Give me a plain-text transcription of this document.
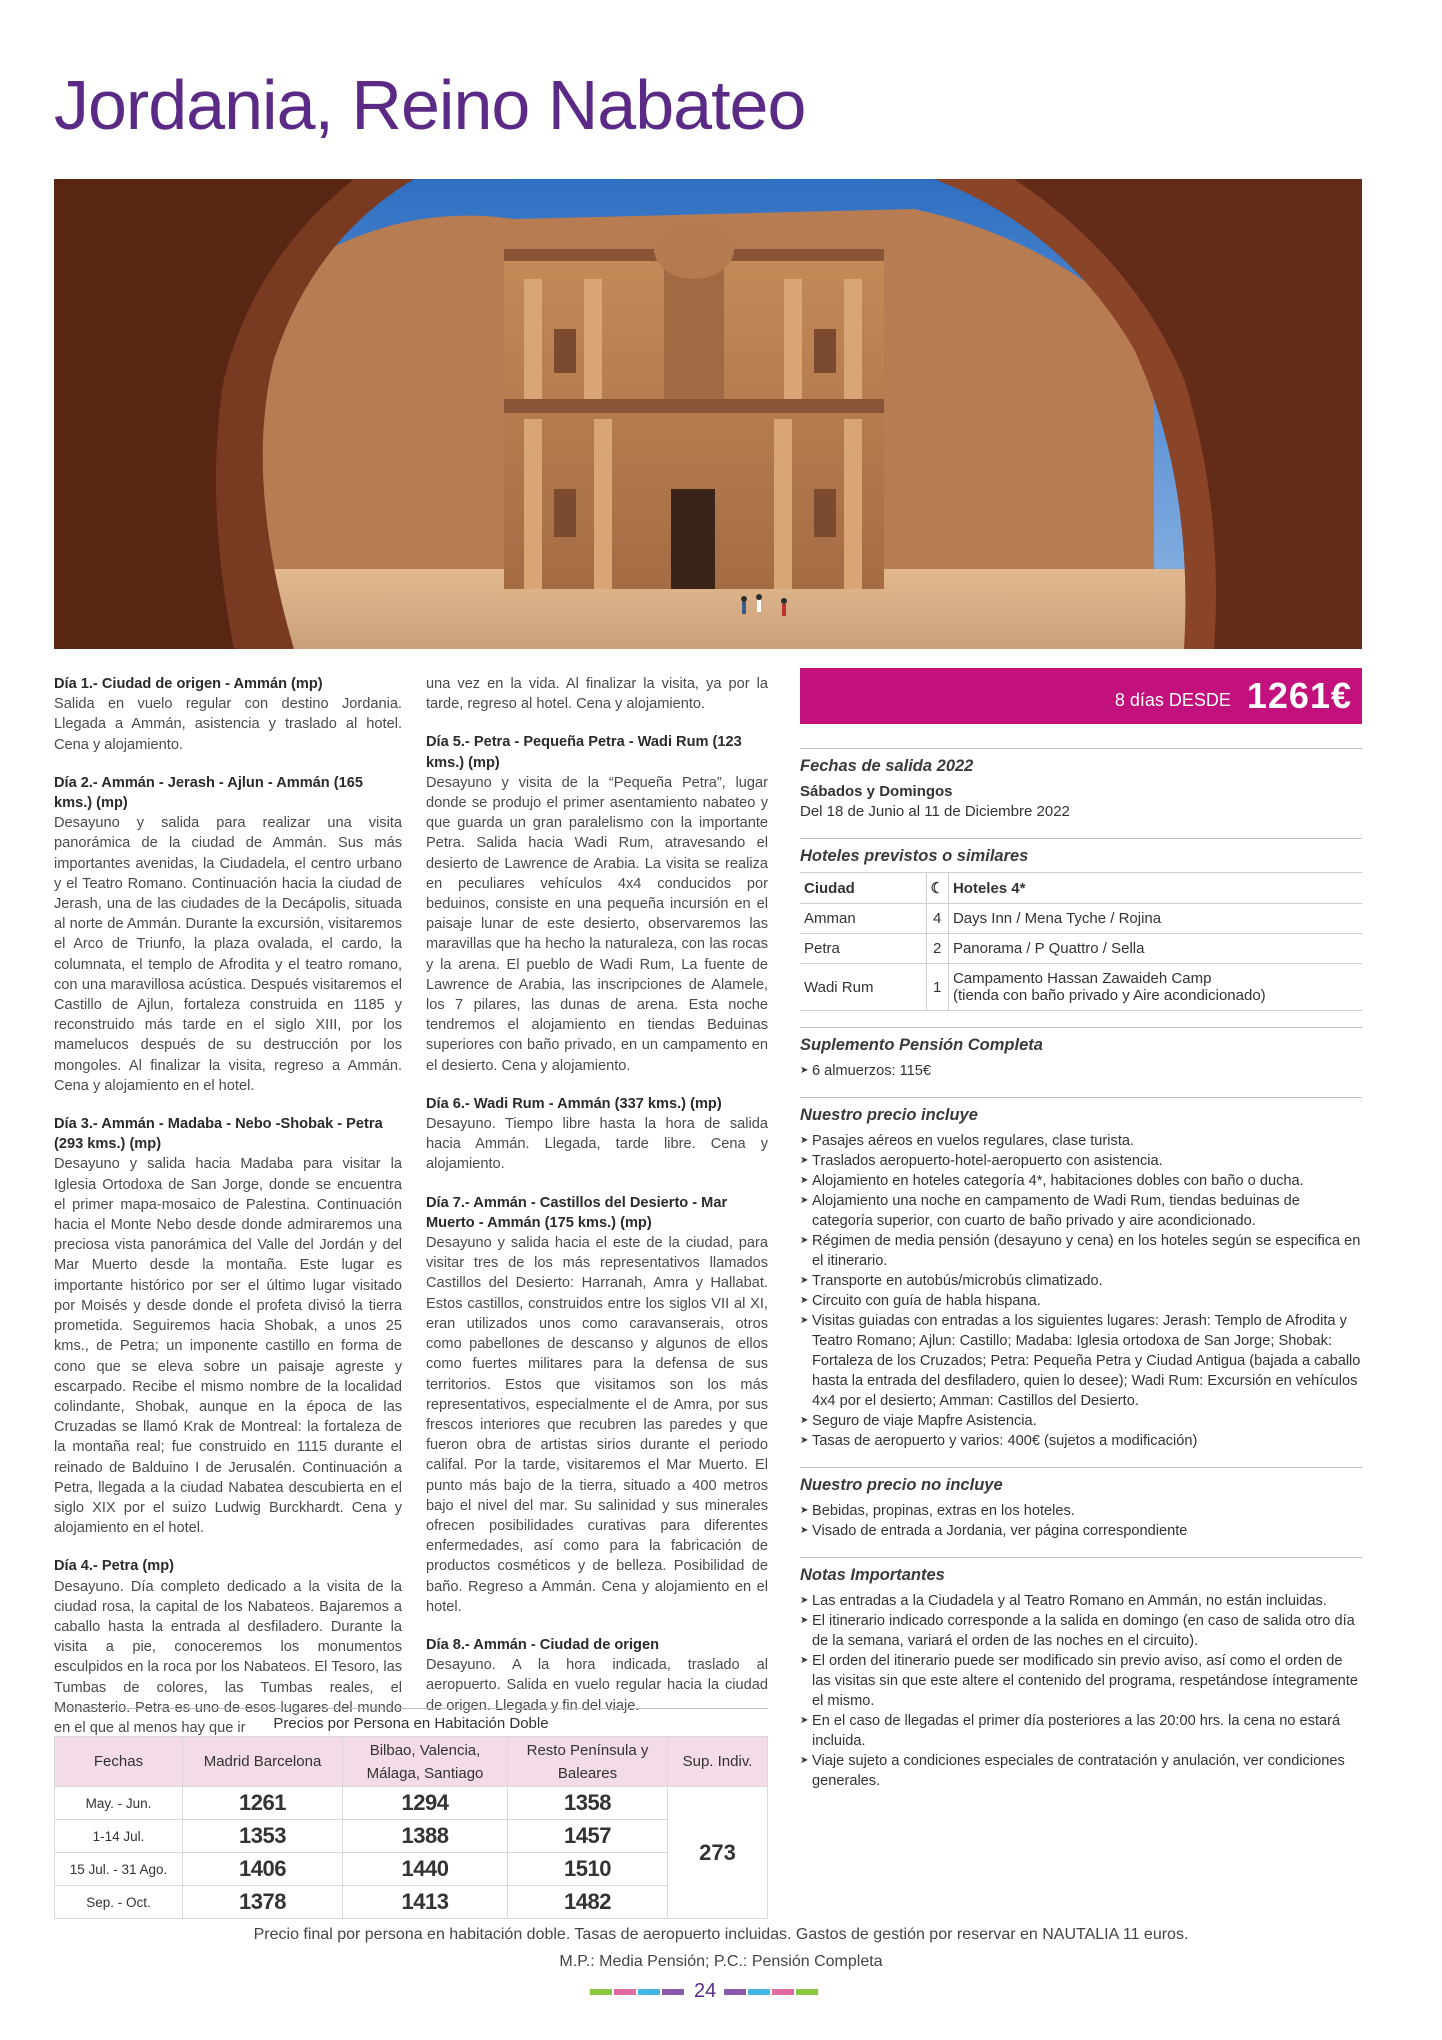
Jordania, Reino Nabateo
Día 1.- Ciudad de origen - Ammán (mp)
Salida en vuelo regular con destino Jordania. Llegada a Ammán, asistencia y traslado al hotel. Cena y alojamiento.
Día 2.- Ammán - Jerash - Ajlun - Ammán (165 kms.) (mp)
Desayuno y salida para realizar una visita panorámica de la ciudad de Ammán. Sus más importantes avenidas, la Ciudadela, el centro urbano y el Teatro Romano. Continuación hacia la ciudad de Jerash, una de las ciudades de la Decápolis, situada al norte de Ammán. Durante la excursión, visitaremos el Arco de Triunfo, la plaza ovalada, el cardo, la columnata, el templo de Afrodita y el teatro romano, con una maravillosa acústica. Después visitaremos el Castillo de Ajlun, fortaleza construida en 1185 y reconstruido más tarde en el siglo XIII, por los mamelucos después de su destrucción por los mongoles. Al finalizar la visita, regreso a Ammán. Cena y alojamiento en el hotel.
Día 3.- Ammán - Madaba - Nebo -Shobak - Petra (293 kms.) (mp)
Desayuno y salida hacia Madaba para visitar la Iglesia Ortodoxa de San Jorge, donde se encuentra el primer mapa-mosaico de Palestina. Continuación hacia el Monte Nebo desde donde admiraremos una preciosa vista panorámica del Valle del Jordán y del Mar Muerto desde la montaña. Este lugar es importante histórico por ser el último lugar visitado por Moisés y desde donde el profeta divisó la tierra prometida. Seguiremos hacia Shobak, a unos 25 kms., de Petra; un imponente castillo en forma de cono que se eleva sobre un paisaje agreste y escarpado. Recibe el mismo nombre de la localidad colindante, Shobak, aunque en la época de las Cruzadas se llamó Krak de Montreal: la fortaleza de la montaña real; fue construido en 1115 durante el reinado de Balduino I de Jerusalén. Continuación a Petra, llegada a la ciudad Nabatea descubierta en el siglo XIX por el suizo Ludwig Burckhardt. Cena y alojamiento en el hotel.
Día 4.- Petra (mp)
Desayuno. Día completo dedicado a la visita de la ciudad rosa, la capital de los Nabateos. Bajaremos a caballo hasta la entrada al desfiladero. Durante la visita a pie, conoceremos los monumentos esculpidos en la roca por los Nabateos. El Tesoro, las Tumbas de colores, las Tumbas reales, el Monasterio. Petra es uno de esos lugares del mundo en el que al menos hay que ir
una vez en la vida. Al finalizar la visita, ya por la tarde, regreso al hotel. Cena y alojamiento.
Día 5.- Petra - Pequeña Petra - Wadi Rum (123 kms.) (mp)
Desayuno y visita de la “Pequeña Petra”, lugar donde se produjo el primer asentamiento nabateo y que guarda un gran paralelismo con la importante Petra. Salida hacia Wadi Rum, atravesando el desierto de Lawrence de Arabia. La visita se realiza en peculiares vehículos 4x4 conducidos por beduinos, consiste en una pequeña incursión en el paisaje lunar de este desierto, observaremos las maravillas que ha hecho la naturaleza, con las rocas y la arena. El pueblo de Wadi Rum, La fuente de Lawrence de Arabia, las inscripciones de Alamele, los 7 pilares, las dunas de arena. Esta noche tendremos el alojamiento en tiendas Beduinas superiores con baño privado, en un campamento en el desierto. Cena y alojamiento.
Día 6.- Wadi Rum - Ammán (337 kms.) (mp)
Desayuno. Tiempo libre hasta la hora de salida hacia Ammán. Llegada, tarde libre. Cena y alojamiento.
Día 7.- Ammán - Castillos del Desierto - Mar Muerto - Ammán (175 kms.) (mp)
Desayuno y salida hacia el este de la ciudad, para visitar tres de los más representativos llamados Castillos del Desierto: Harranah, Amra y Hallabat. Estos castillos, construidos entre los siglos VII al XI, eran utilizados unos como caravanserais, otros como pabellones de descanso y algunos de ellos como fuertes militares para la defensa de sus territorios. Estos que visitamos son los más representativos, especialmente el de Amra, por sus frescos interiores que recubren las paredes y que fueron obra de artistas sirios durante el periodo califal. Por la tarde, visitaremos el Mar Muerto. El punto más bajo de la tierra, situado a 400 metros bajo el nivel del mar. Su salinidad y sus minerales ofrecen posibilidades curativas para diferentes enfermedades, así como para la fabricación de productos cosméticos y de belleza. Posibilidad de baño. Regreso a Ammán. Cena y alojamiento en el hotel.
Día 8.- Ammán - Ciudad de origen
Desayuno. A la hora indicada, traslado al aeropuerto. Salida en vuelo regular hacia la ciudad de origen. Llegada y fin del viaje.
8 días DESDE 1261€
Fechas de salida 2022
Sábados y Domingos
Del 18 de Junio al 11 de Diciembre 2022
Hoteles previstos o similares
Ciudad	☾	Hoteles 4*
Amman	4	Days Inn / Mena Tyche / Rojina
Petra	2	Panorama / P Quattro / Sella
Wadi Rum	1	Campamento Hassan Zawaideh Camp
(tienda con baño privado y Aire acondicionado)
Suplemento Pensión Completa
➤ 6 almuerzos: 115€
Nuestro precio incluye
➤ Pasajes aéreos en vuelos regulares, clase turista.
➤ Traslados aeropuerto-hotel-aeropuerto con asistencia.
➤ Alojamiento en hoteles categoría 4*, habitaciones dobles con baño o ducha.
➤ Alojamiento una noche en campamento de Wadi Rum, tiendas beduinas de categoría superior, con cuarto de baño privado y aire acondicionado.
➤ Régimen de media pensión (desayuno y cena) en los hoteles según se especifica en el itinerario.
➤ Transporte en autobús/microbús climatizado.
➤ Circuito con guía de habla hispana.
➤ Visitas guiadas con entradas a los siguientes lugares: Jerash: Templo de Afrodita y Teatro Romano; Ajlun: Castillo; Madaba: Iglesia ortodoxa de San Jorge; Shobak: Fortaleza de los Cruzados; Petra: Pequeña Petra y Ciudad Antigua (bajada a caballo hasta la entrada del desfiladero, quien lo desee); Wadi Rum: Excursión en vehículos 4x4 por el desierto; Amman: Castillos del Desierto.
➤ Seguro de viaje Mapfre Asistencia.
➤ Tasas de aeropuerto y varios: 400€ (sujetos a modificación)
Nuestro precio no incluye
➤ Bebidas, propinas, extras en los hoteles.
➤ Visado de entrada a Jordania, ver página correspondiente
Notas Importantes
➤ Las entradas a la Ciudadela y al Teatro Romano en Ammán, no están incluidas.
➤ El itinerario indicado corresponde a la salida en domingo (en caso de salida otro día de la semana, variará el orden de las noches en el circuito).
➤ El orden del itinerario puede ser modificado sin previo aviso, así como el orden de las visitas sin que este altere el contenido del programa, respetándose íntegramente el mismo.
➤ En el caso de llegadas el primer día posteriores a las 20:00 hrs. la cena no estará incluida.
➤ Viaje sujeto a condiciones especiales de contratación y anulación, ver condiciones generales.
Precios por Persona en Habitación Doble
Fechas	Madrid Barcelona	Bilbao, Valencia, Málaga, Santiago	Resto Península y Baleares	Sup. Indiv.
May. - Jun.	1261	1294	1358	273
1-14 Jul.	1353	1388	1457	
15 Jul. - 31 Ago.	1406	1440	1510	
Sep. - Oct.	1378	1413	1482	
Precio final por persona en habitación doble. Tasas de aeropuerto incluidas. Gastos de gestión por reservar en NAUTALIA 11 euros.
M.P.: Media Pensión; P.C.: Pensión Completa
24
